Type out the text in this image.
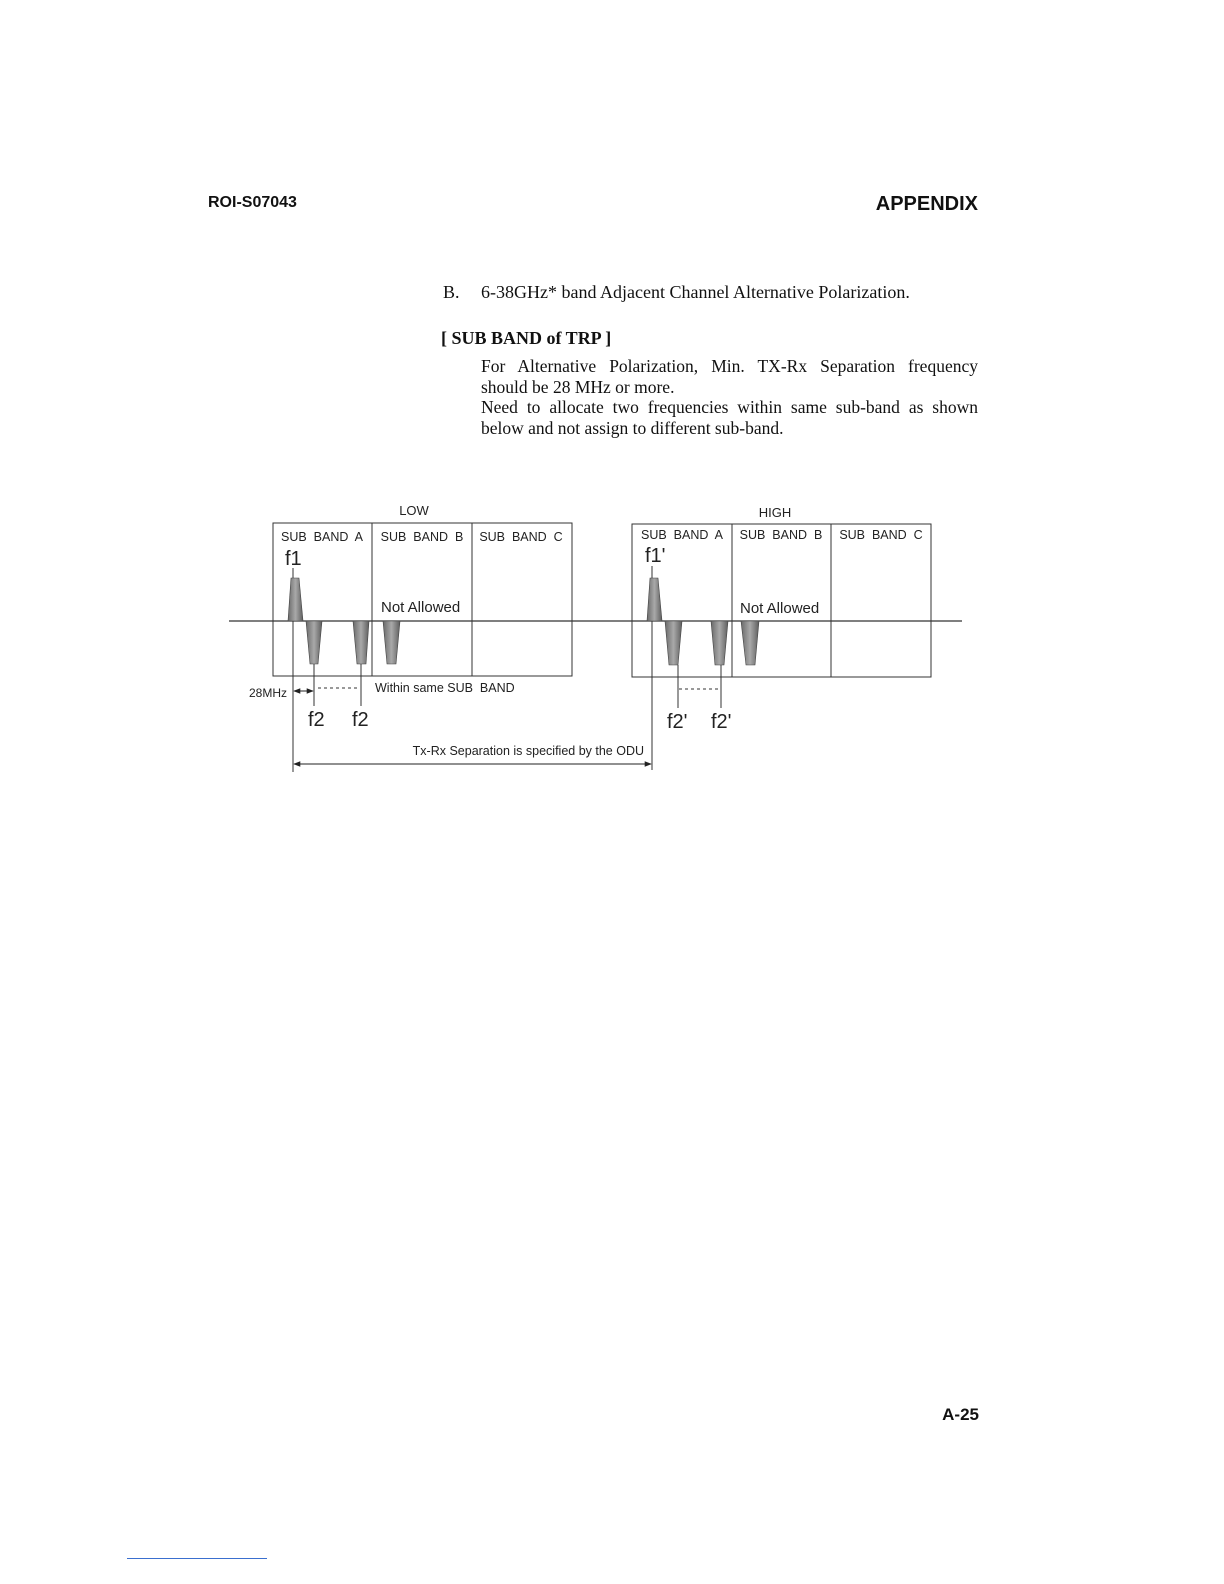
ROI-S07043	APPENDIX
B. 6-38GHz* band Adjacent Channel Alternative Polarization.
[ SUB BAND of TRP ]

For Alternative Polarization, Min. TX-Rx Separation frequency

should be 28 MHz or more.

Need to allocate two frequencies within same sub-band as shown

below and not assign to different sub-band.

LOW	HIGH
SUB  BAND  A SUB  BAND  B SUB  BAND  C	SUB  BAND  A SUB  BAND  B SUB  BAND  C
Not Allowed	Not Allowed
f1	f1'
28MHz	Within same SUB  BAND
f2 f2	f2' f2'
Tx-Rx Separation is specified by the ODU
A-25
